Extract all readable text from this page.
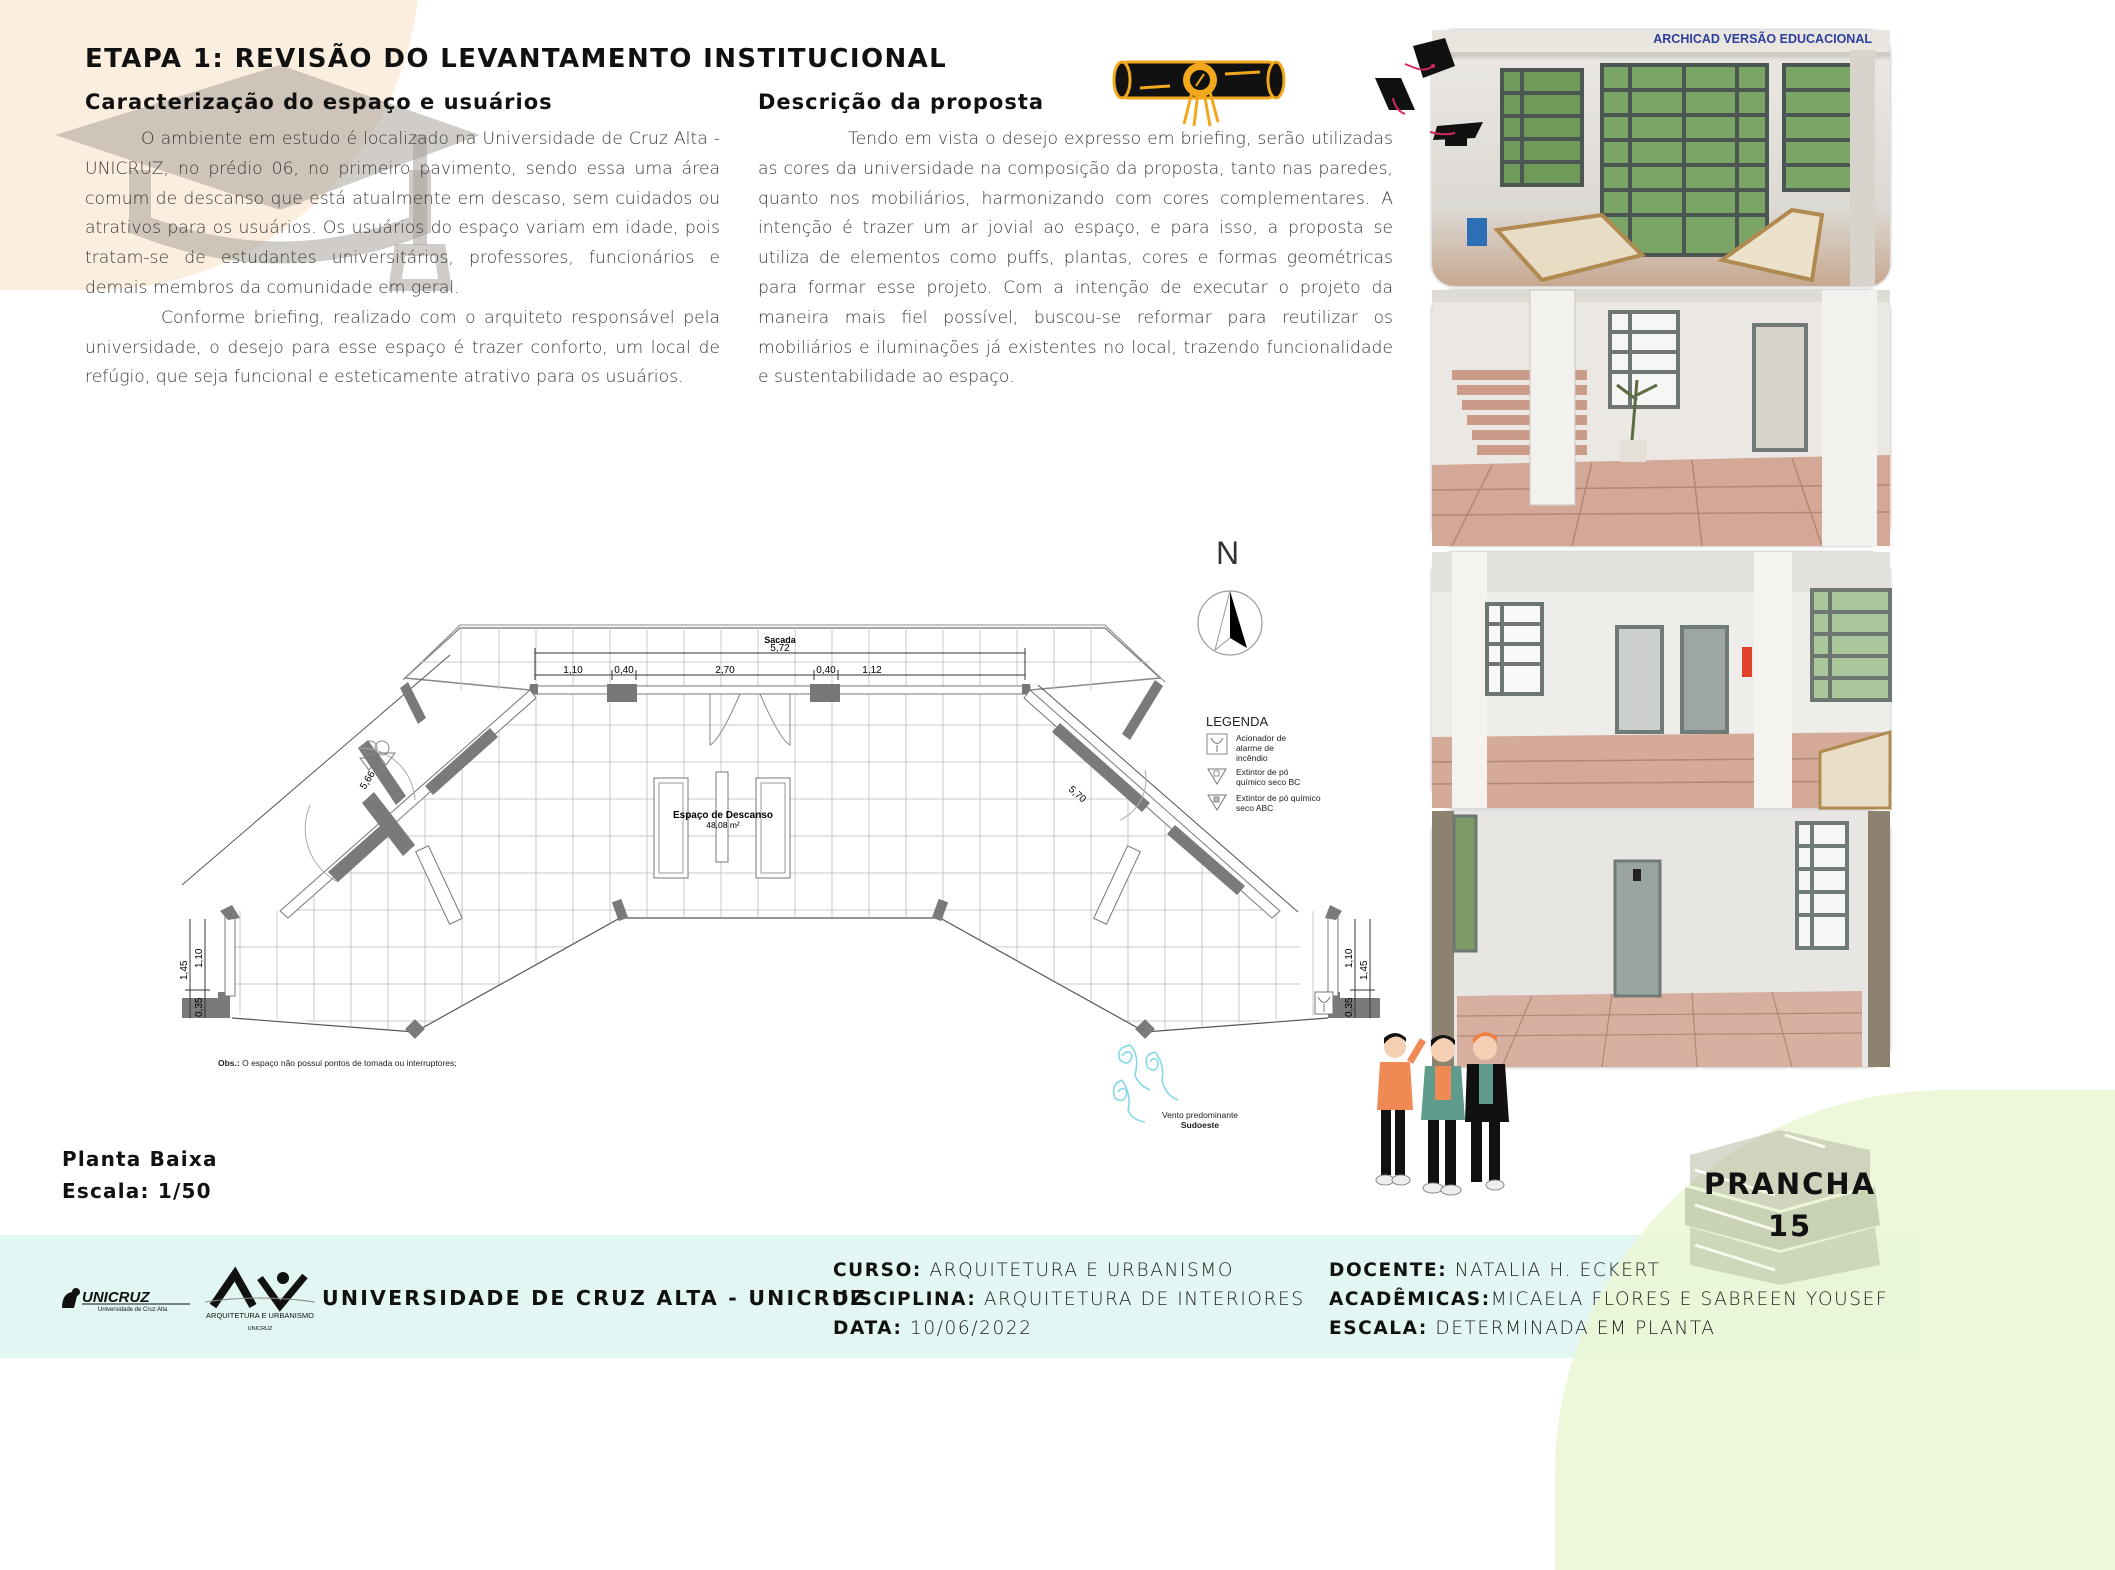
ETAPA 1: REVISÃO DO LEVANTAMENTO INSTITUCIONAL
Caracterização do espaço e usuários

O ambiente em estudo é localizado na Universidade de Cruz Alta - UNICRUZ, no prédio 06, no primeiro pavimento, sendo essa uma área comum de descanso que está atualmente em descaso, sem cuidados ou atrativos para os usuários. Os usuários do espaço variam em idade, pois tratam-se de estudantes universitários, professores, funcionários e demais membros da comunidade em geral.

Conforme briefing, realizado com o arquiteto responsável pela universidade, o desejo para esse espaço é trazer conforto, um local de refúgio, que seja funcional e esteticamente atrativo para os usuários.

Descrição da proposta

Tendo em vista o desejo expresso em briefing, serão utilizadas as cores da universidade na composição da proposta, tanto nas paredes, quanto nos mobiliários, harmonizando com cores complementares. A intenção é trazer um ar jovial ao espaço, e para isso, a proposta se utiliza de elementos como puffs, plantas, cores e formas geométricas para formar esse projeto. Com a intenção de executar o projeto da maneira mais fiel possível, buscou-se reformar para reutilizar os mobiliários e iluminações já existentes no local, trazendo funcionalidade e sustentabilidade ao espaço.

ARCHICAD VERSÃO EDUCACIONAL
Sacada
5,72
1,10	0,40	2,70	0,40	1,12
5,66
5,70
1,45
1,10
0,35
1,10
1,45
0,35
Espaço de Descanso
48,08 m²
Obs.: O espaço não possui pontos de tomada ou interruptores;
N
LEGENDA
Acionador de alarme de incêndio
Extintor de pó químico seco BC
Extintor de pó químico seco ABC
Vento predominante
Sudoeste
Planta Baixa
Escala: 1/50	PRANCHA
15
UNICRUZ
Universidade de Cruz Alta
ARQUITETURA E URBANISMO
UNICRUZ
UNIVERSIDADE DE CRUZ ALTA - UNICRUZ
CURSO: ARQUITETURA E URBANISMO
DISCIPLINA: ARQUITETURA DE INTERIORES
DATA: 10/06/2022
DOCENTE: NATALIA H. ECKERT
ACADÊMICAS:MICAELA FLORES E SABREEN YOUSEF
ESCALA: DETERMINADA EM PLANTA
